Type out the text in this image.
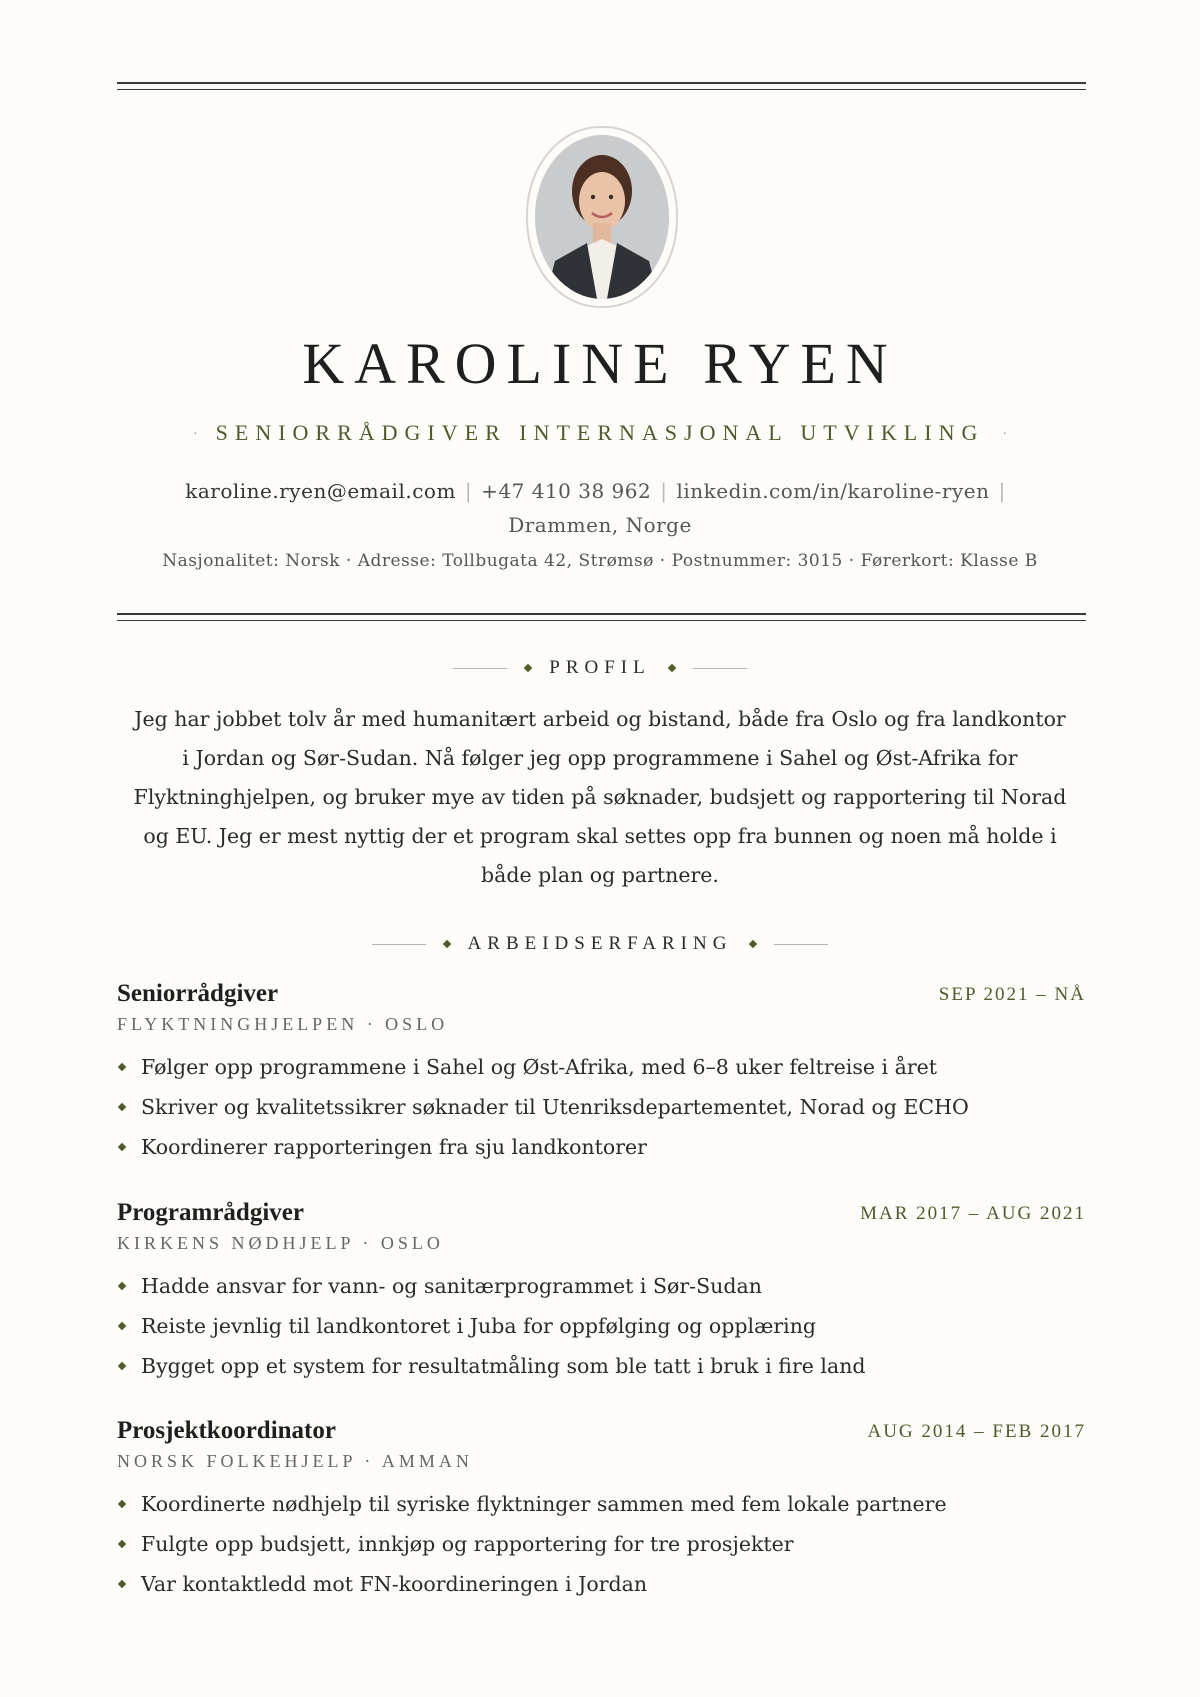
KAROLINE RYEN
· SENIORRÅDGIVER INTERNASJONAL UTVIKLING ·
karoline.ryen@email.com | +47 410 38 962 | linkedin.com/in/karoline-ryen |
Drammen, Norge
Nasjonalitet: Norsk · Adresse: Tollbugata 42, Strømsø · Postnummer: 3015 · Førerkort: Klasse B
PROFIL
Jeg har jobbet tolv år med humanitært arbeid og bistand, både fra Oslo og fra landkontor i Jordan og Sør-Sudan. Nå følger jeg opp programmene i Sahel og Øst-Afrika for Flyktninghjelpen, og bruker mye av tiden på søknader, budsjett og rapportering til Norad og EU. Jeg er mest nyttig der et program skal settes opp fra bunnen og noen må holde i både plan og partnere.
ARBEIDSERFARING
Seniorrådgiver	SEP 2021 – NÅ
FLYKTNINGHJELPEN · OSLO
Følger opp programmene i Sahel og Øst-Afrika, med 6–8 uker feltreise i året
Skriver og kvalitetssikrer søknader til Utenriksdepartementet, Norad og ECHO
Koordinerer rapporteringen fra sju landkontorer
Programrådgiver	MAR 2017 – AUG 2021
KIRKENS NØDHJELP · OSLO
Hadde ansvar for vann- og sanitærprogrammet i Sør-Sudan
Reiste jevnlig til landkontoret i Juba for oppfølging og opplæring
Bygget opp et system for resultatmåling som ble tatt i bruk i fire land
Prosjektkoordinator	AUG 2014 – FEB 2017
NORSK FOLKEHJELP · AMMAN
Koordinerte nødhjelp til syriske flyktninger sammen med fem lokale partnere
Fulgte opp budsjett, innkjøp og rapportering for tre prosjekter
Var kontaktledd mot FN-koordineringen i Jordan
